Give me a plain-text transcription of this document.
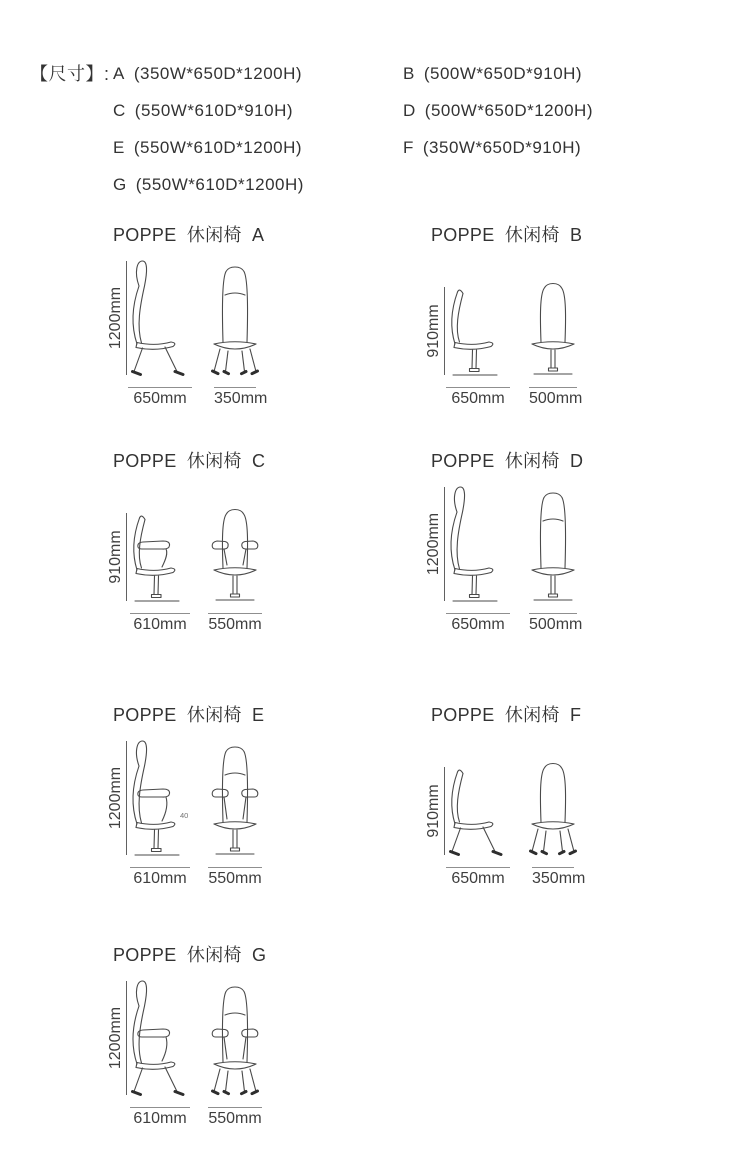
【尺寸】: A (350W*650D*1200H)	B (500W*650D*910H)
C (550W*610D*910H)	D (500W*650D*1200H)
E (550W*610D*1200H)	F (350W*650D*910H)
G (550W*610D*1200H)
POPPE 休闲椅 A
1200mm
650mm	350mm
POPPE 休闲椅 B
910mm
650mm	500mm
POPPE 休闲椅 C
910mm
610mm 550mm
POPPE 休闲椅 D
1200mm
650mm	500mm
POPPE 休闲椅 E
1200mm	40
610mm 550mm
POPPE 休闲椅 F
910mm
650mm	350mm
POPPE 休闲椅 G
1200mm
610mm 550mm
